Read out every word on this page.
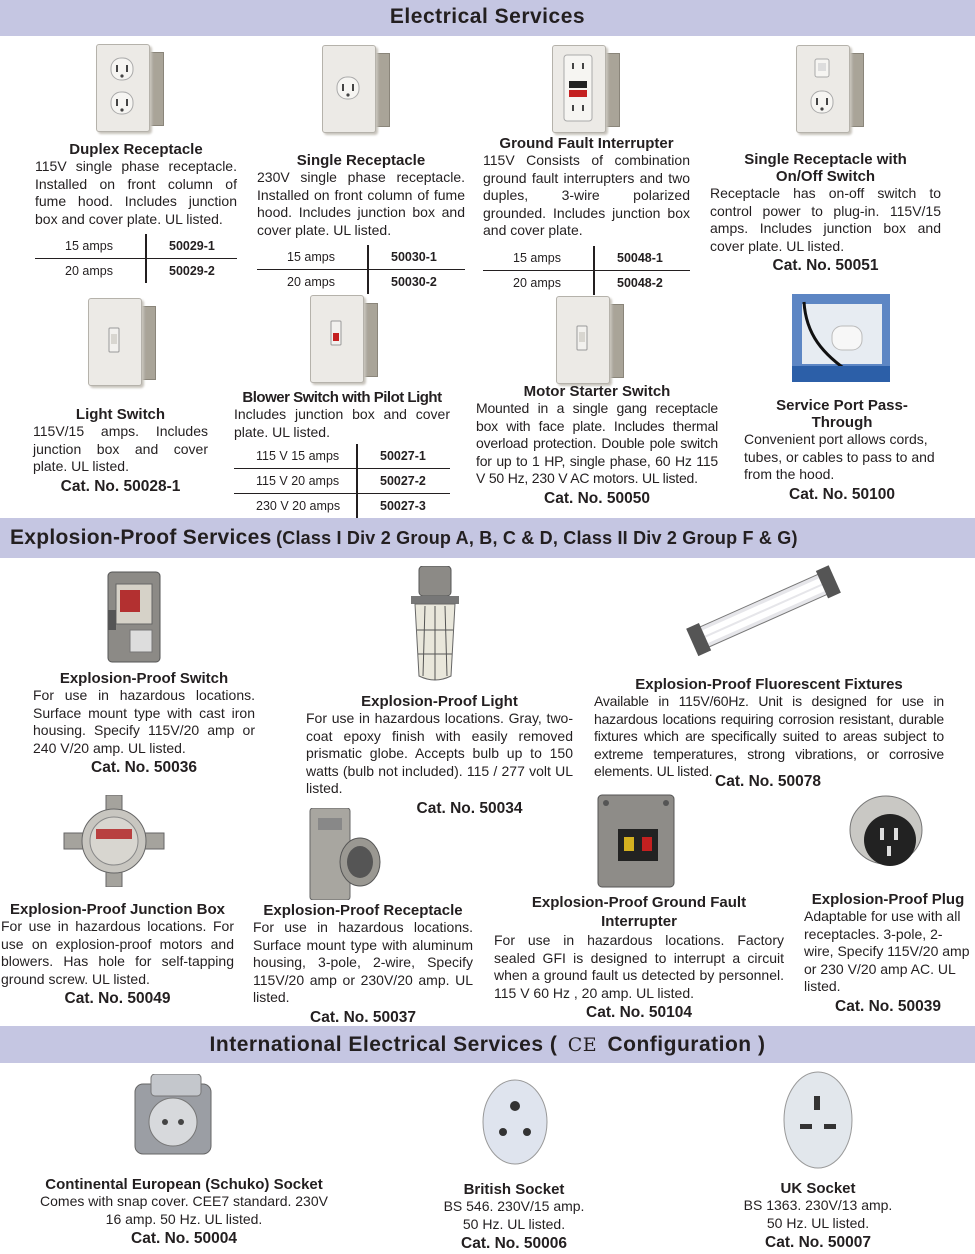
Electrical Services
Duplex Receptacle
115V single phase receptacle. Installed on front column of fume hood. Includes junction box and cover plate. UL listed.
15 amps	50029-1
20 amps	50029-2
Single Receptacle
230V single phase receptacle. Installed on front column of fume hood. Includes junction box and cover plate. UL listed.
15 amps	50030-1
20 amps	50030-2
Ground Fault Interrupter
115V Consists of combination ground fault interrupters and two duples, 3-wire polarized grounded. Includes junction box and cover plate.
15 amps	50048-1
20 amps	50048-2
Single Receptacle with
On/Off Switch
Receptacle has on-off switch to control power to plug-in. 115V/15 amps. Includes junction box and cover plate. UL listed.
Cat. No. 50051
Light Switch
115V/15 amps. Includes junction box and cover plate. UL listed.
Cat. No. 50028-1
Blower Switch with Pilot Light
Includes junction box and cover plate. UL listed.
115 V 15 amps	50027-1
115 V 20 amps	50027-2
230 V 20 amps	50027-3
Motor Starter Switch
Mounted in a single gang receptacle box with face plate. Includes thermal overload protection. Double pole switch for up to 1 HP, single phase, 60 Hz 115 V 50 Hz, 230 V AC motors. UL listed.
Cat. No. 50050
Service Port Pass-
Through
Convenient port allows cords, tubes, or cables to pass to and from the hood.
Cat. No. 50100
Explosion-Proof Services (Class I Div 2 Group A, B, C & D, Class II Div 2 Group F & G)
Explosion-Proof Switch
For use in hazardous locations. Surface mount type with cast iron housing. Specify 115V/20 amp or 240 V/20 amp. UL listed.
Cat. No. 50036
Explosion-Proof Light
For use in hazardous locations. Gray, two-coat epoxy finish with easily removed prismatic globe. Accepts bulb up to 150 watts (bulb not included). 115 / 277 volt UL listed.
Cat. No. 50034
Explosion-Proof Fluorescent Fixtures
Available in 115V/60Hz. Unit is designed for use in hazardous locations requiring corrosion resistant, durable fixtures which are specifically suited to areas subject to extreme temperatures, strong vibrations, or corrosive elements. UL listed.
Cat. No. 50078
Explosion-Proof Junction Box
For use in hazardous locations. For use on explosion-proof motors and blowers. Has hole for self-tapping ground screw. UL listed.
Cat. No. 50049
Explosion-Proof Receptacle
For use in hazardous locations. Surface mount type with aluminum housing, 3-pole, 2-wire, Specify 115V/20 amp or 230V/20 amp. UL listed.
Cat. No. 50037
Explosion-Proof Ground Fault
Interrupter
For use in hazardous locations. Factory sealed GFI is designed to interrupt a circuit when a ground fault us detected by personnel. 115 V 60 Hz , 20 amp. UL listed.
Cat. No. 50104
Explosion-Proof Plug
Adaptable for use with all receptacles. 3-pole, 2-wire, Specify 115V/20 amp or 230 V/20 amp AC. UL listed.
Cat. No. 50039
International Electrical Services ( CE Configuration )
Continental European (Schuko) Socket
Comes with snap cover. CEE7 standard. 230V
16 amp. 50 Hz. UL listed.
Cat. No. 50004
British Socket
BS 546. 230V/15 amp.
50 Hz. UL listed.
Cat. No. 50006
UK Socket
BS 1363. 230V/13 amp.
50 Hz. UL listed.
Cat. No. 50007
